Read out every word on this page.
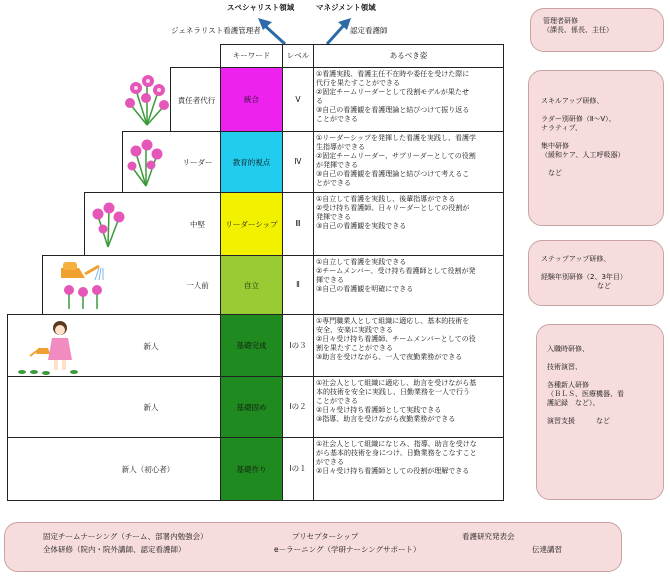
スペシャリスト領域	マネジメント領域
ジェネラリスト看護管理者	認定看護師
キーワード レベル	あるべき姿
責任者代行	統合	Ⅴ
①看護実践、看護主任不在時や委任を受けた際に
代行を果たすことができる
②固定チームリーダーとして役割モデルが果たせ
る
③自己の看護観を看護理論と結びつけて振り返る
ことができる
リーダー	教育的視点	Ⅳ
①リーダーシップを発揮した看護を実践し、看護学
生指導ができる
②固定チームリーダー、サブリーダーとしての役割
が発揮できる
③自己の看護観を看護理論と結びつけて考えるこ
とができる
中堅	リーダーシップ Ⅲ
①自立して看護を実践し、後輩指導ができる
②受け持ち看護師、日々リーダーとしての役割が
発揮できる
③自己の看護観を実践できる
一人前	自立	Ⅱ
①自立して看護を実践できる
②チームメンバー、受け持ち看護師として役割が発
揮できる
③自己の看護観を明確にできる
新人	基礎完成	Ⅰの３
①専門職業人として組織に適応し、基本的技術を
安全、安楽に実践できる
②日々受け持ち看護師、チームメンバーとしての役
割を果たすことができる
③助言を受けながら、一人で夜勤業務ができる
新人	基礎固め	Ⅰの２
①社会人として組織に適応し、助言を受けながら基
本的技術を安全に実践し、日勤業務を一人で行う
ことができる
②日々受け持ち看護師として実践できる
③指導、助言を受けながら夜勤業務ができる
新人（初心者）	基礎作り	Ⅰの１
①社会人として組織になじみ、指導、助言を受けな
がら基本的技術を身につけ、日勤業務をこなすこと
ができる
②日々受け持ち看護師としての役割が理解できる
管理者研修
（課長、係長、主任）
スキルアップ研修、

ラダー別研修（Ⅱ～Ⅴ）、
ナラティブ、

集中研修
（緩和ケア、人工呼吸器）

　など
ステップアップ研修、

経験年別研修（2、3年目）
　　　　　　　　など
入職時研修、

技術演習、

各種新人研修
（ＢＬＳ、医療機器、看
護記録　など）、

演習支援　　　など
固定チームナーシング（チーム、部署内勉強会）	プリセプターシップ	看護研究発表会
全体研修（院内・院外講師、認定看護師）	e－ラーニング（学研ナーシングサポート）	伝達講習
